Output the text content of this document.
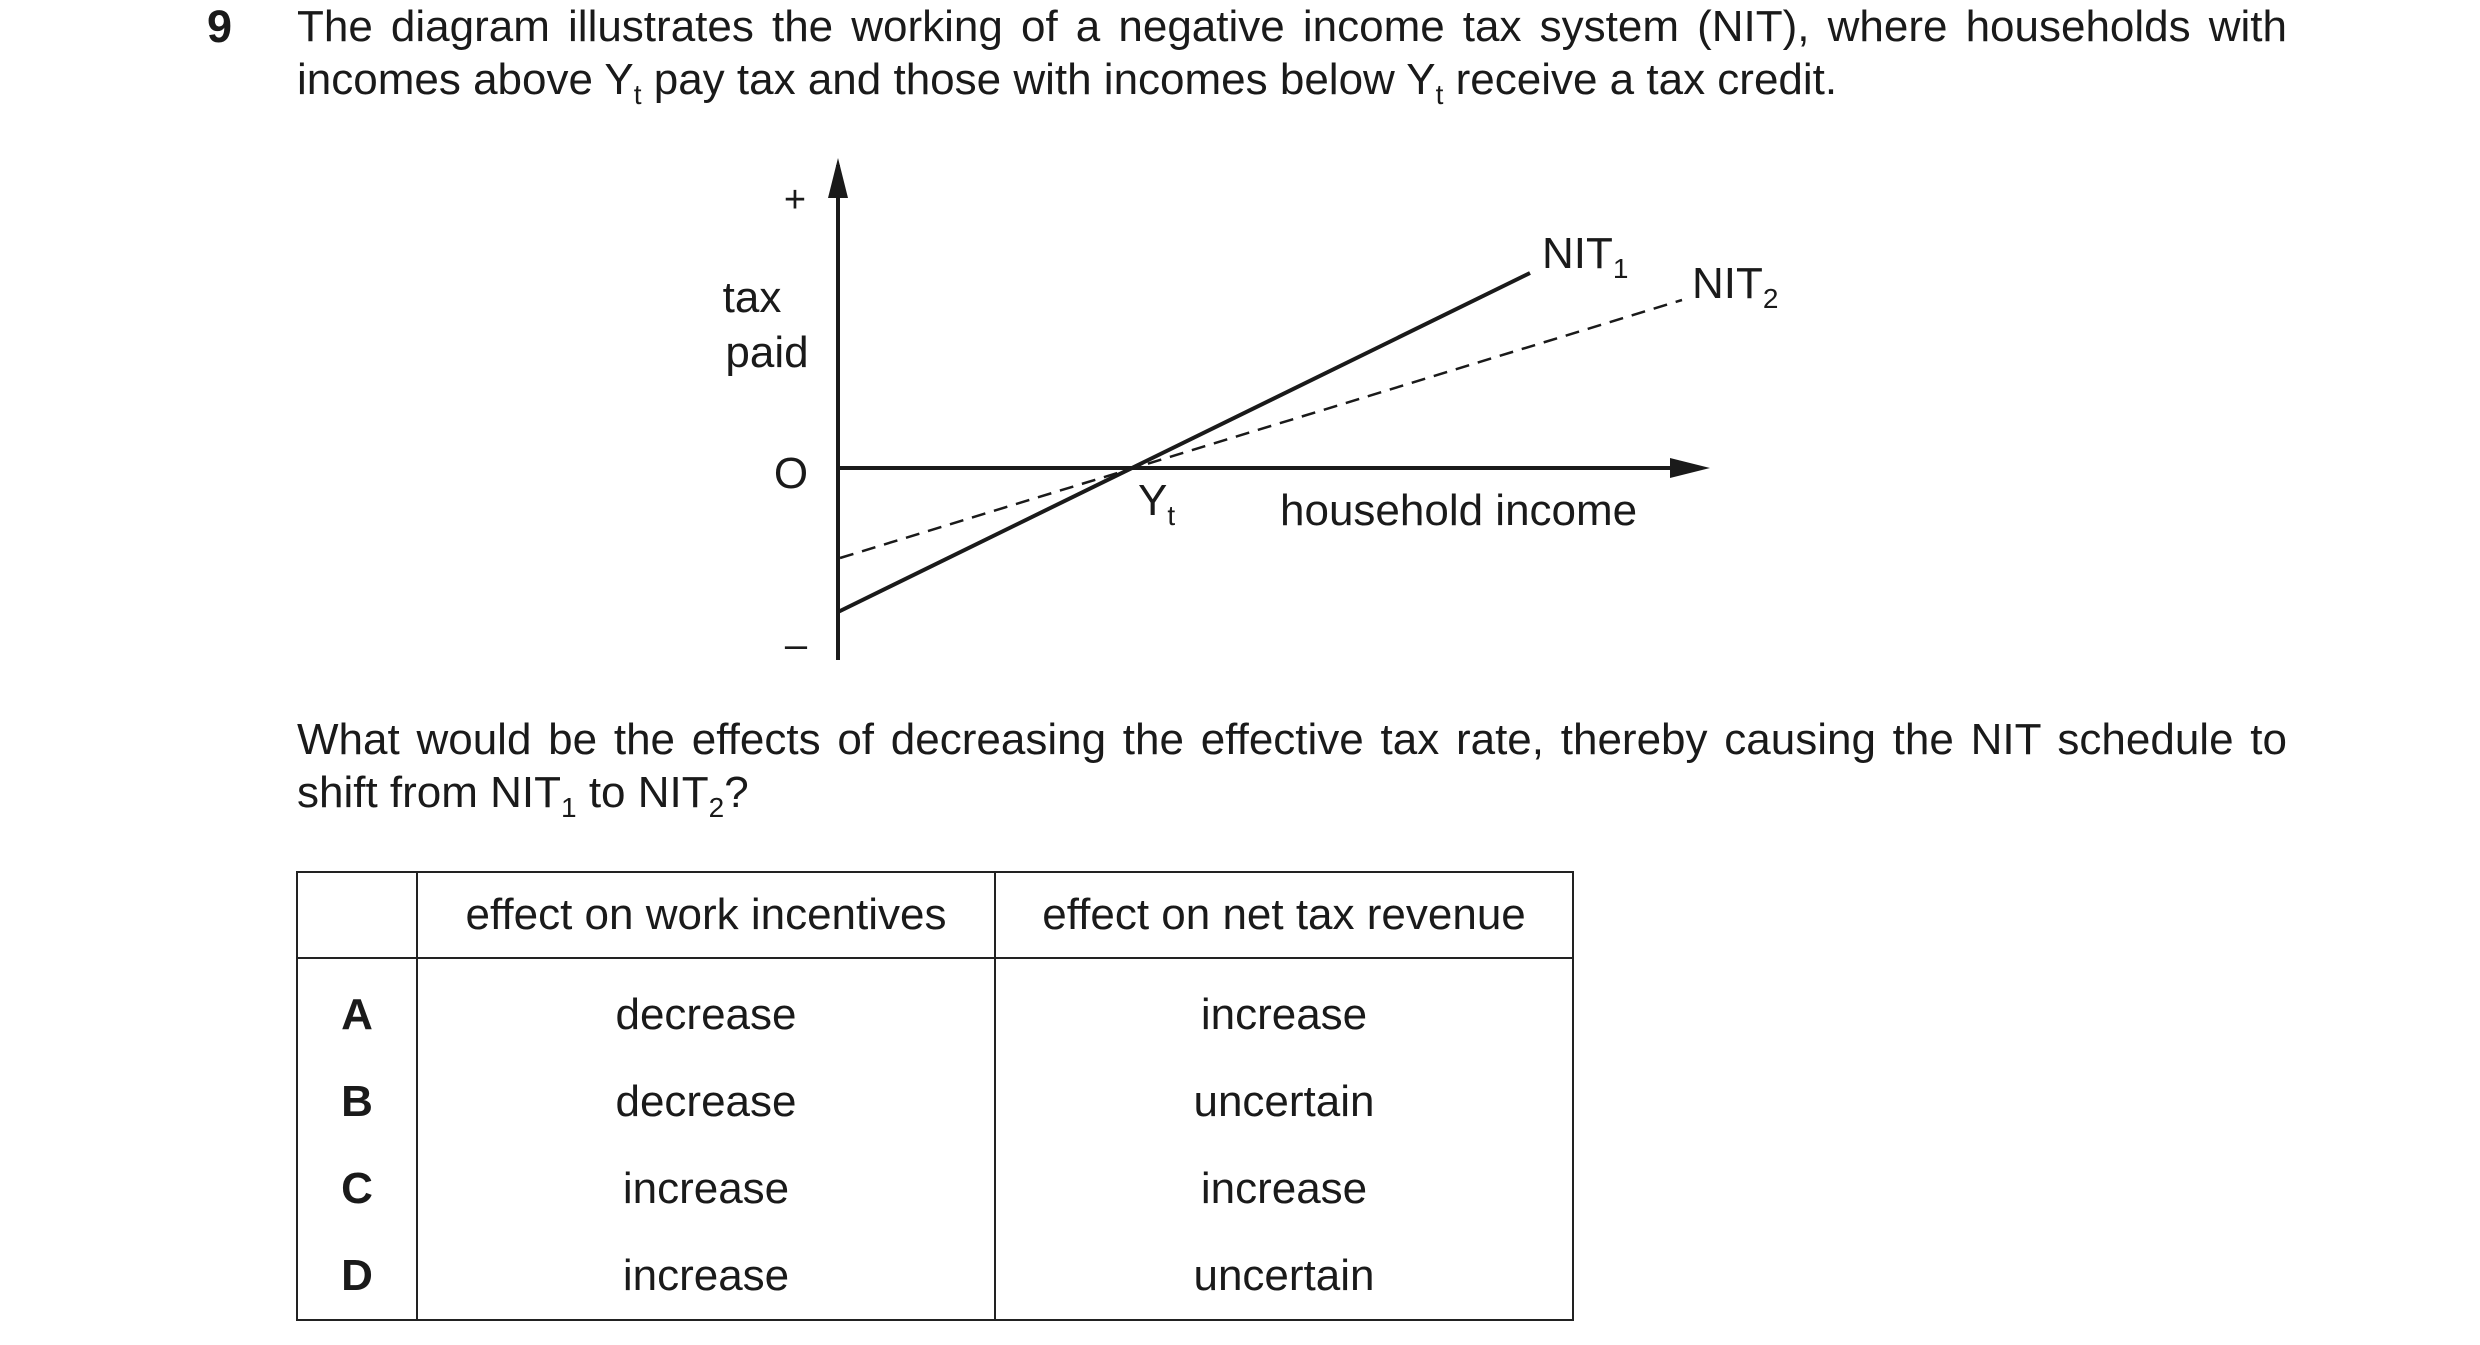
9 The diagram illustrates the working of a negative income tax system (NIT), where households with incomes above $Y_t$ pay tax and those with incomes below $Y_t$ receive a tax credit.
+
tax
paid
O
–
$Y_t$ household income
$NIT_1$ $NIT_2$
What would be the effects of decreasing the effective tax rate, thereby causing the NIT schedule to shift from $NIT_1$ to $NIT_2$?
	effect on work incentives	effect on net tax revenue
A	decrease	increase
B	decrease	uncertain
C	increase	increase
D	increase	uncertain
